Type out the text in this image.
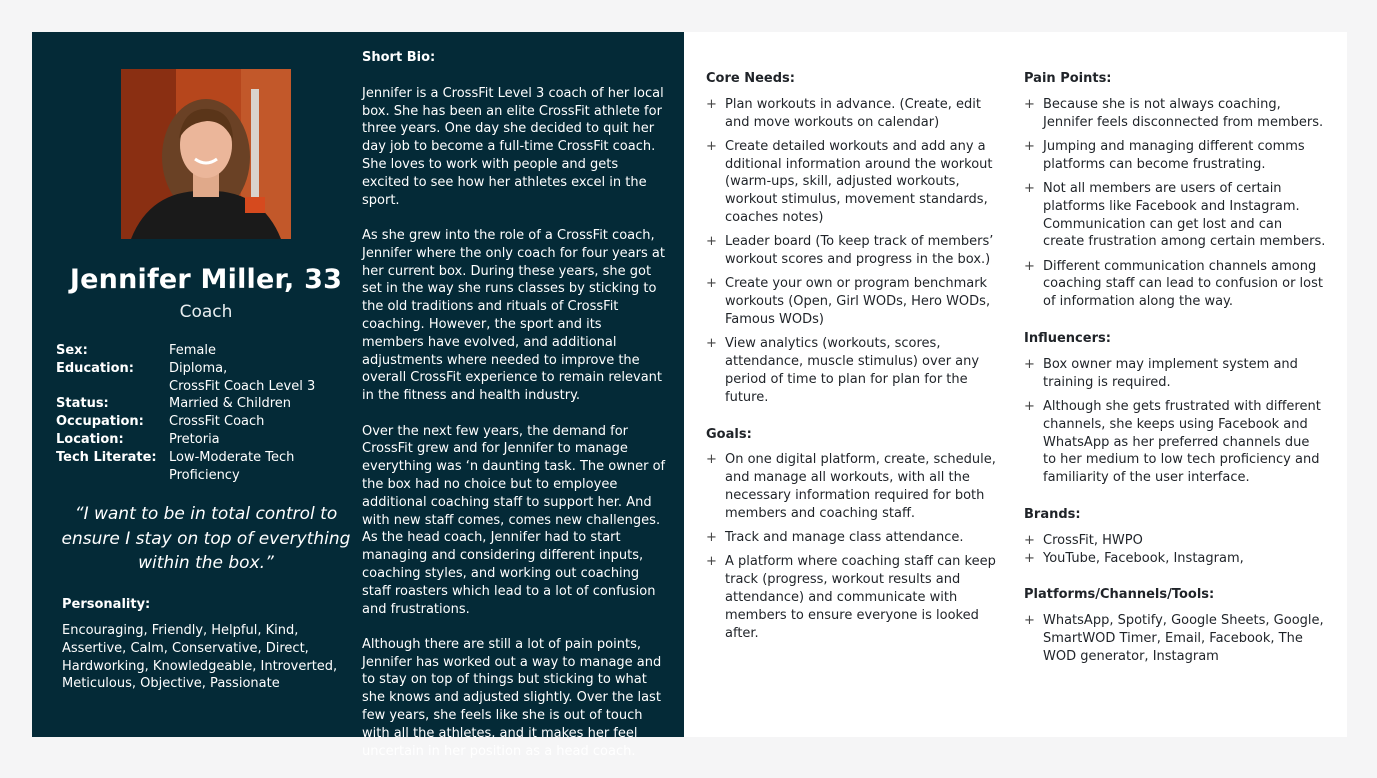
Jennifer Miller, 33
Coach
Sex:	Female
Education:	Diploma,
CrossFit Coach Level 3
Status:	Married & Children
Occupation:	CrossFit Coach
Location:	Pretoria
Tech Literate: Low-Moderate Tech Proficiency
“I want to be in total control to ensure I stay on top of everything within the box.”
Personality:
Encouraging, Friendly, Helpful, Kind, Assertive, Calm, Conservative, Direct, Hardworking, Knowledgeable, Introverted, Meticulous, Objective, Passionate
Short Bio:

Jennifer is a CrossFit Level 3 coach of her local box. She has been an elite CrossFit athlete for three years. One day she decided to quit her day job to become a full-time CrossFit coach. She loves to work with people and gets excited to see how her athletes excel in the sport.

As she grew into the role of a CrossFit coach, Jennifer where the only coach for four years at her current box. During these years, she got set in the way she runs classes by sticking to the old traditions and rituals of CrossFit coaching. However, the sport and its members have evolved, and additional adjustments where needed to improve the overall CrossFit experience to remain relevant in the fitness and health industry.

Over the next few years, the demand for CrossFit grew and for Jennifer to manage everything was ‘n daunting task. The owner of the box had no choice but to employee additional coaching staff to support her. And with new staff comes, comes new challenges. As the head coach, Jennifer had to start managing and considering different inputs, coaching styles, and working out coaching staff roasters which lead to a lot of confusion and frustrations.

Although there are still a lot of pain points, Jennifer has worked out a way to manage and to stay on top of things but sticking to what she knows and adjusted slightly. Over the last few years, she feels like she is out of touch with all the athletes, and it makes her feel uncertain in her position as a head coach.

Core Needs:
+ Plan workouts in advance. (Create, edit and move workouts on calendar)
+ Create detailed workouts and add any a dditional information around the workout (warm-ups, skill, adjusted workouts, workout stimulus, movement standards, coaches notes)
+ Leader board (To keep track of members’ workout scores and progress in the box.)
+ Create your own or program benchmark workouts (Open, Girl WODs, Hero WODs, Famous WODs)
+ View analytics (workouts, scores, attendance, muscle stimulus) over any period of time to plan for plan for the future.
Goals:
+ On one digital platform, create, schedule, and manage all workouts, with all the necessary information required for both members and coaching staff.
+ Track and manage class attendance.
+ A platform where coaching staff can keep track (progress, workout results and attendance) and communicate with members to ensure everyone is looked after.
Pain Points:
+ Because she is not always coaching, Jennifer feels disconnected from members.
+ Jumping and managing different comms platforms can become frustrating.
+ Not all members are users of certain platforms like Facebook and Instagram. Communication can get lost and can create frustration among certain members.
+ Different communication channels among coaching staff can lead to confusion or lost of information along the way.
Influencers:
+ Box owner may implement system and training is required.
+ Although she gets frustrated with different channels, she keeps using Facebook and WhatsApp as her preferred channels due to her medium to low tech proficiency and familiarity of the user interface.
Brands:
+ CrossFit, HWPO
+ YouTube, Facebook, Instagram,
Platforms/Channels/Tools:
+ WhatsApp, Spotify, Google Sheets, Google, SmartWOD Timer, Email, Facebook, The WOD generator, Instagram
